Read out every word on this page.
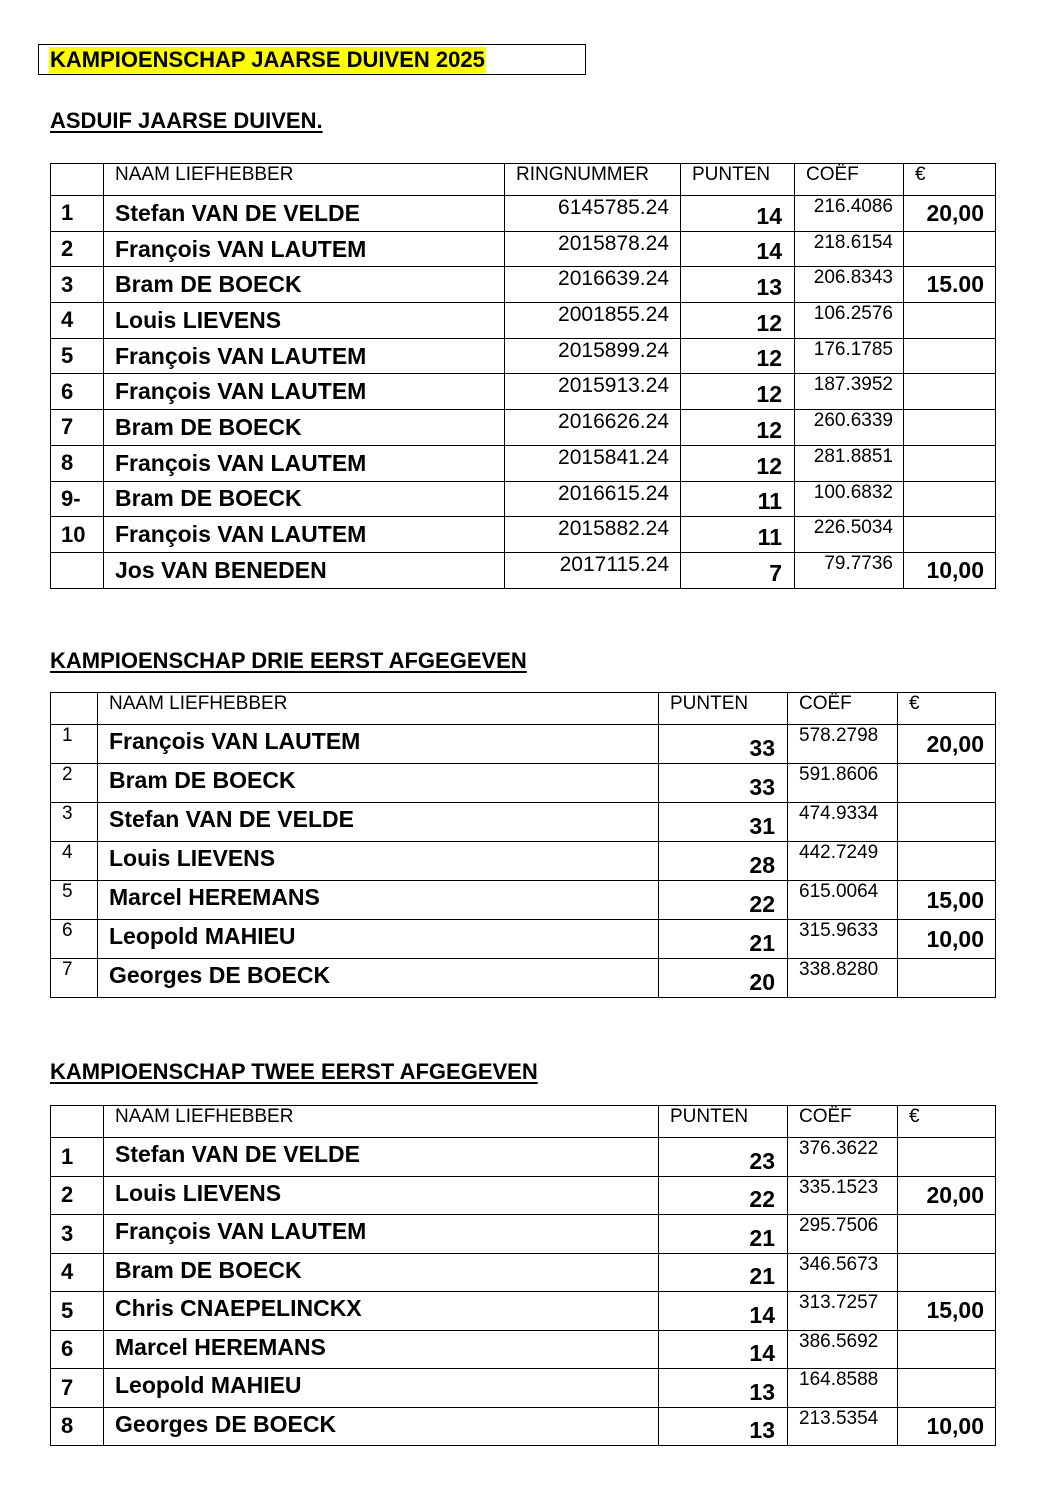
KAMPIOENSCHAP JAARSE DUIVEN 2025
ASDUIF JAARSE DUIVEN.
	NAAM LIEFHEBBER	RINGNUMMER	PUNTEN	COËF	€
1	Stefan VAN DE VELDE	6145785.24	14	216.4086	20,00
2	François VAN LAUTEM	2015878.24	14	218.6154	
3	Bram DE BOECK	2016639.24	13	206.8343	15.00
4	Louis LIEVENS	2001855.24	12	106.2576	
5	François VAN LAUTEM	2015899.24	12	176.1785	
6	François VAN LAUTEM	2015913.24	12	187.3952	
7	Bram DE BOECK	2016626.24	12	260.6339	
8	François VAN LAUTEM	2015841.24	12	281.8851	
9-	Bram DE BOECK	2016615.24	11	100.6832	
10	François VAN LAUTEM	2015882.24	11	226.5034	
	Jos VAN BENEDEN	2017115.24	7	79.7736	10,00
KAMPIOENSCHAP DRIE EERST AFGEGEVEN
	NAAM LIEFHEBBER	PUNTEN	COËF	€
1	François VAN LAUTEM	33	578.2798	20,00
2	Bram DE BOECK	33	591.8606	
3	Stefan VAN DE VELDE	31	474.9334	
4	Louis LIEVENS	28	442.7249	
5	Marcel HEREMANS	22	615.0064	15,00
6	Leopold MAHIEU	21	315.9633	10,00
7	Georges DE BOECK	20	338.8280	
KAMPIOENSCHAP TWEE EERST AFGEGEVEN
	NAAM LIEFHEBBER	PUNTEN	COËF	€
1	Stefan VAN DE VELDE	23	376.3622	
2	Louis LIEVENS	22	335.1523	20,00
3	François VAN LAUTEM	21	295.7506	
4	Bram DE BOECK	21	346.5673	
5	Chris CNAEPELINCKX	14	313.7257	15,00
6	Marcel HEREMANS	14	386.5692	
7	Leopold MAHIEU	13	164.8588	
8	Georges DE BOECK	13	213.5354	10,00
